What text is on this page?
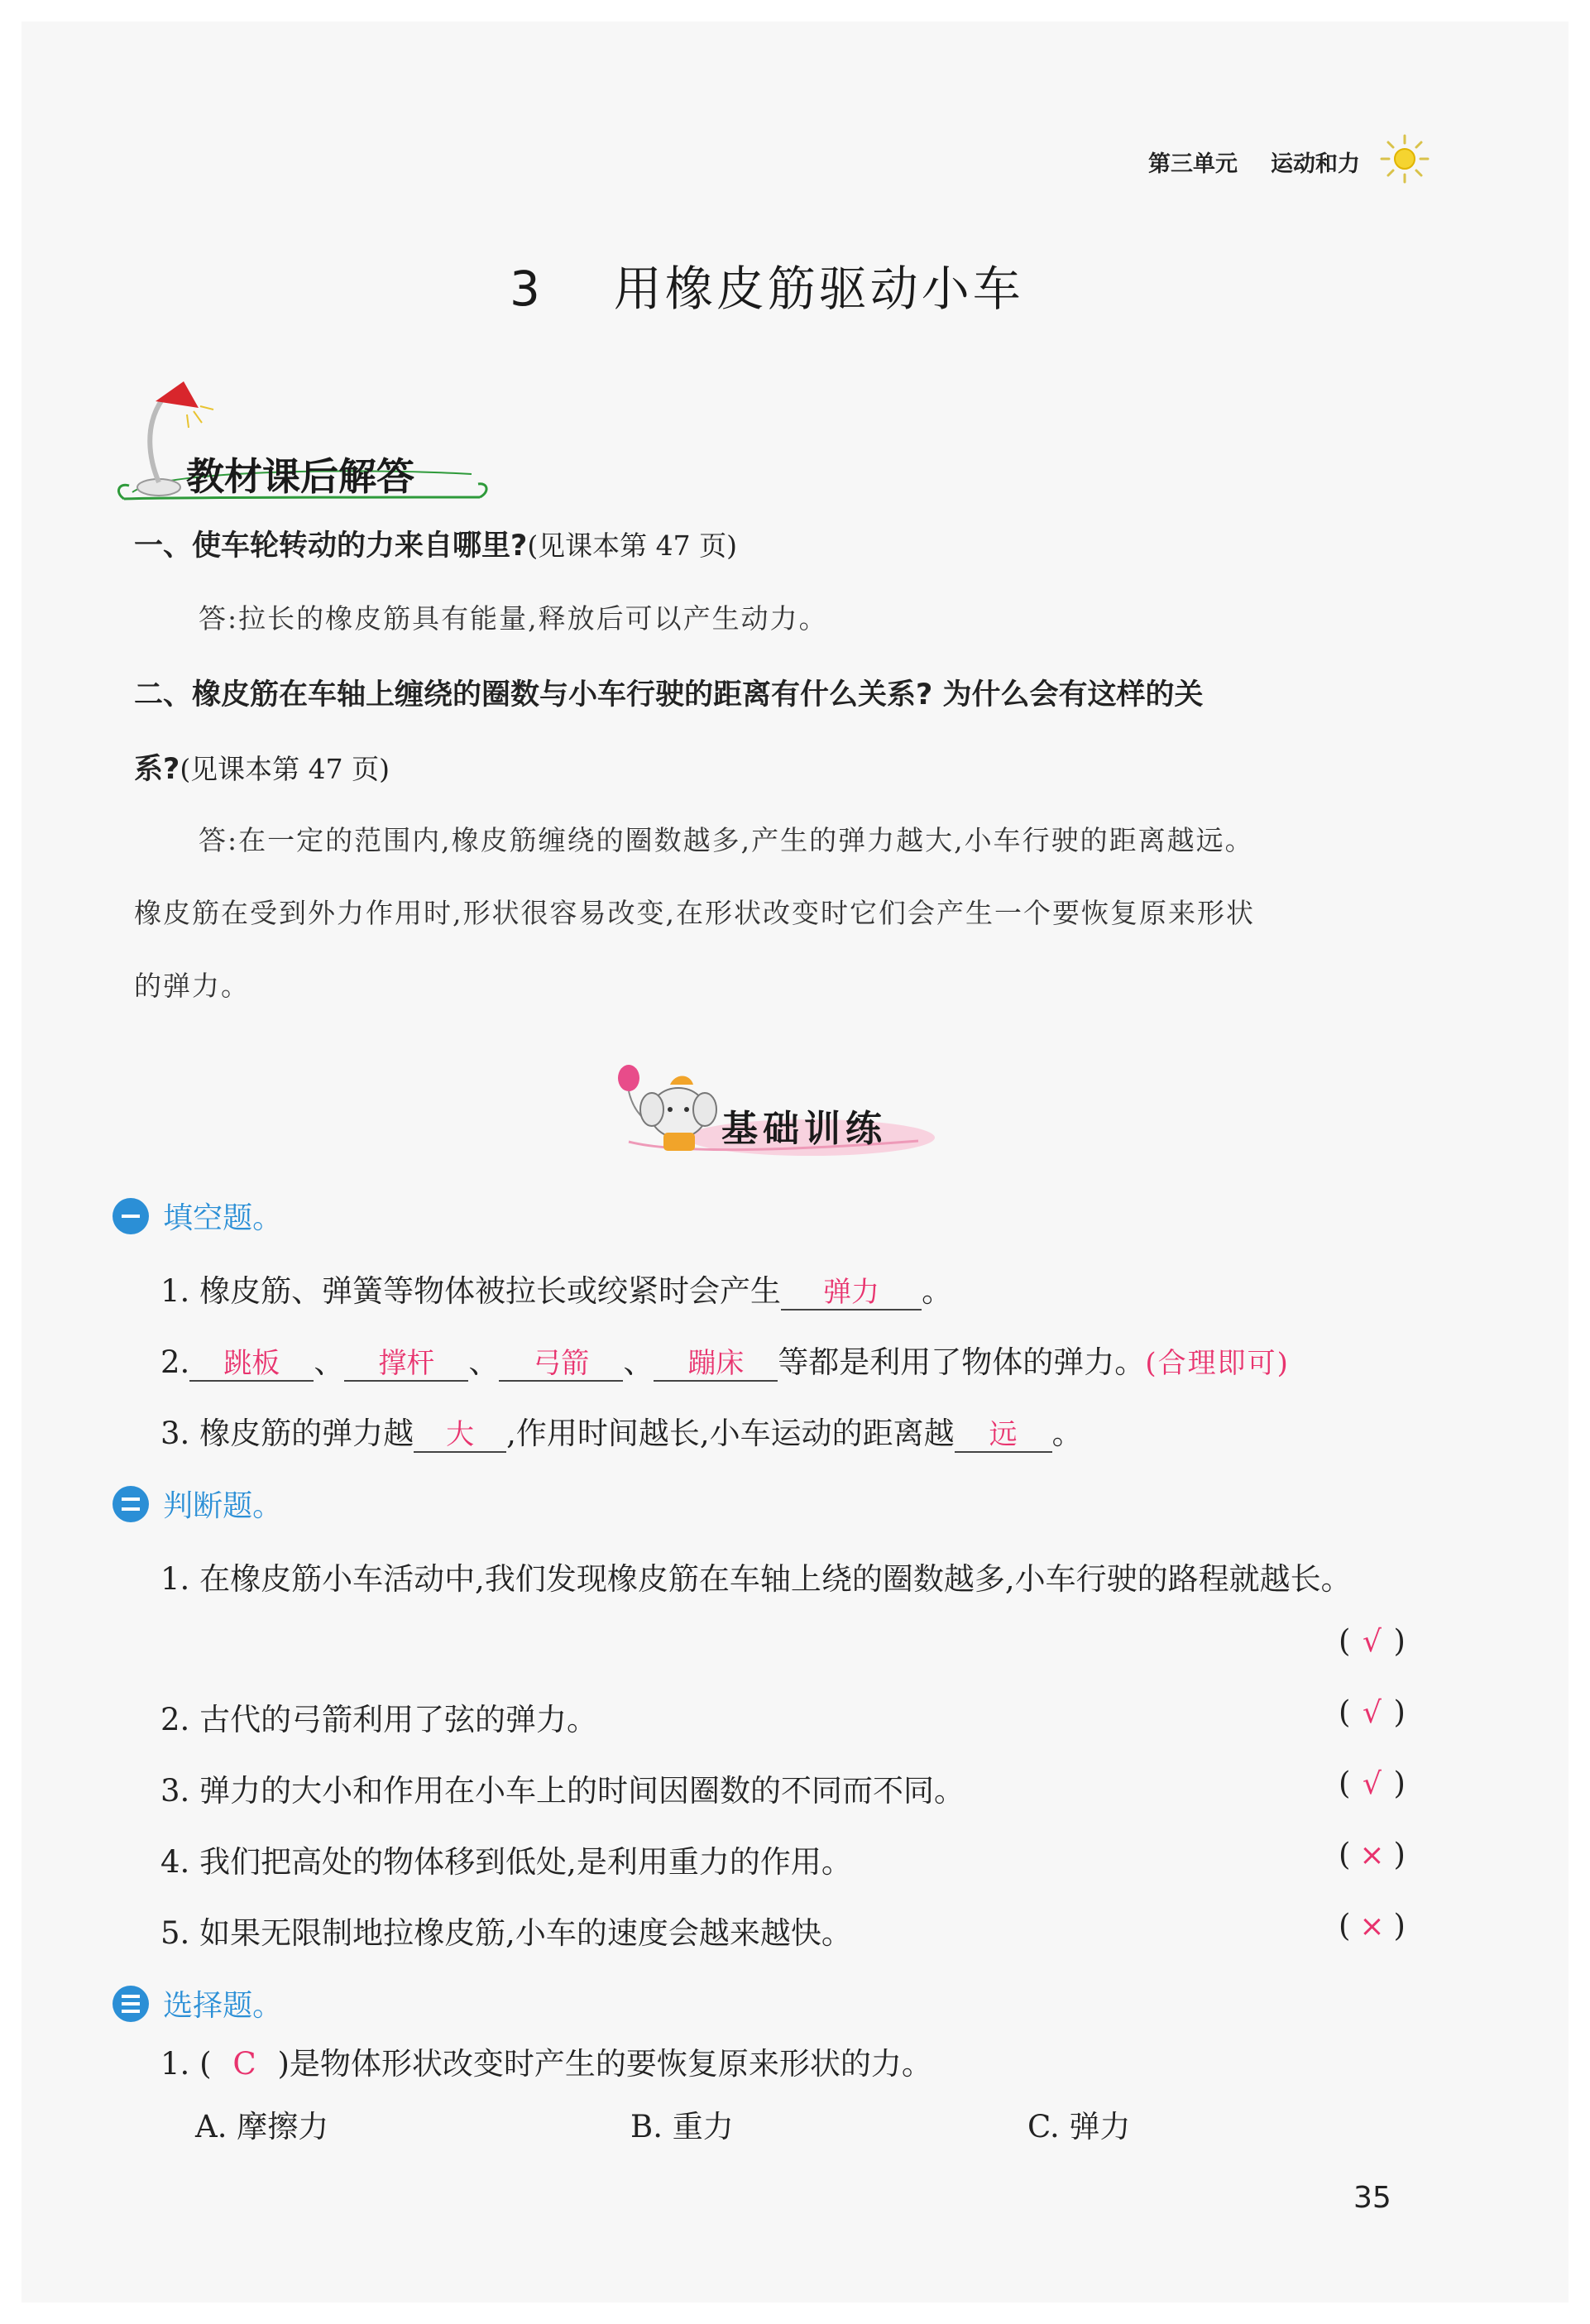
第三单元 运动和力
3 用橡皮筋驱动小车
教材课后解答
一、使车轮转动的力来自哪里?(见课本第 47 页)
答:拉长的橡皮筋具有能量,释放后可以产生动力。
二、橡皮筋在车轴上缠绕的圈数与小车行驶的距离有什么关系? 为什么会有这样的关
系?(见课本第 47 页)
答:在一定的范围内,橡皮筋缠绕的圈数越多,产生的弹力越大,小车行驶的距离越远。
橡皮筋在受到外力作用时,形状很容易改变,在形状改变时它们会产生一个要恢复原来形状
的弹力。
基础训练
填空题。
1. 橡皮筋、弹簧等物体被拉长或绞紧时会产生 弹力 。
2. 跳板 、 撑杆 、 弓箭 、 蹦床 等都是利用了物体的弹力。(合理即可)
3. 橡皮筋的弹力越 大 ,作用时间越长,小车运动的距离越 远 。
判断题。
1. 在橡皮筋小车活动中,我们发现橡皮筋在车轴上绕的圈数越多,小车行驶的路程就越长。
( √ )
2. 古代的弓箭利用了弦的弹力。	( √ )
3. 弹力的大小和作用在小车上的时间因圈数的不同而不同。	( √ )
4. 我们把高处的物体移到低处,是利用重力的作用。	( × )
5. 如果无限制地拉橡皮筋,小车的速度会越来越快。	( × )
选择题。
1. ( C )是物体形状改变时产生的要恢复原来形状的力。
A. 摩擦力	B. 重力	C. 弹力
35
